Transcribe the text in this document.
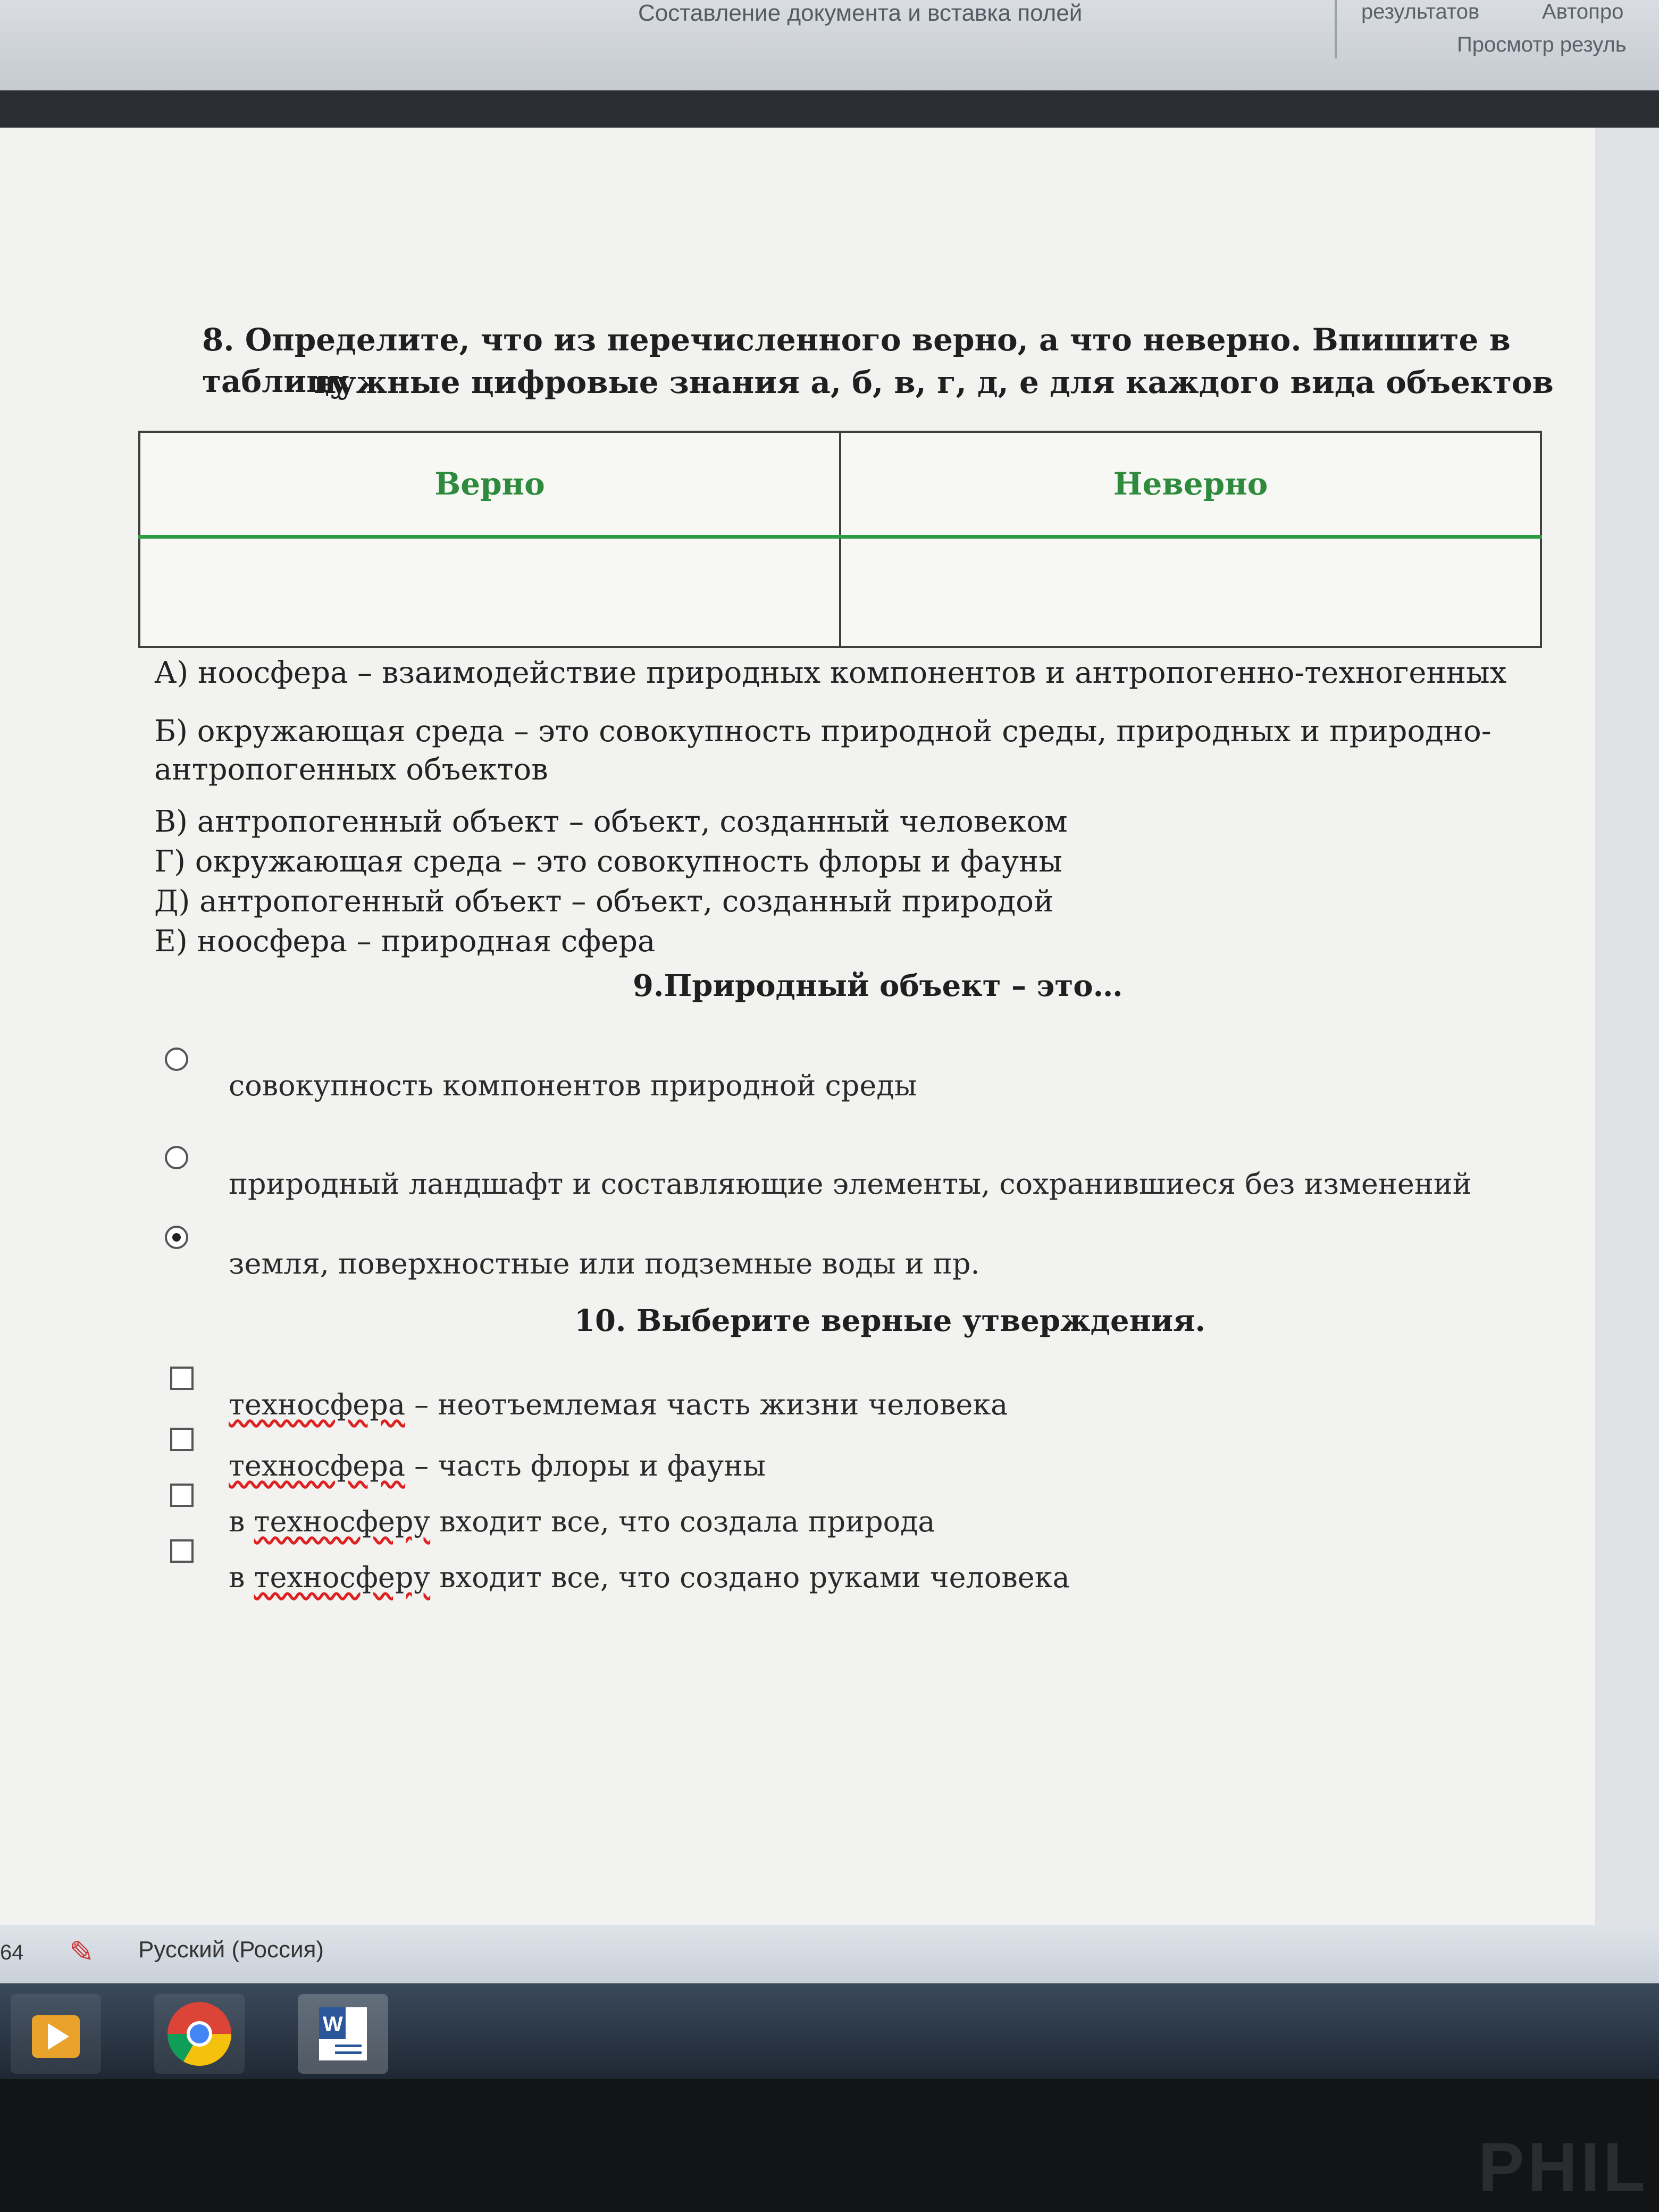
Составление документа и вставка полей	результатов	Автопро
Просмотр резуль
8. Определите, что из перечисленного верно, а что неверно. Впишите в таблицу
нужные цифровые знания а, б, в, г, д, е для каждого вида объектов
Верно	Неверно

А) ноосфера – взаимодействие природных компонентов и антропогенно-техногенных
Б) окружающая среда – это совокупность природной среды, природных и природно-
антропогенных объектов
В) антропогенный объект – объект, созданный человеком
Г) окружающая среда – это совокупность флоры и фауны
Д) антропогенный объект – объект, созданный природой
Е) ноосфера – природная сфера
9.Природный объект – это…
совокупность компонентов природной среды
природный ландшафт и составляющие элементы, сохранившиеся без изменений
земля, поверхностные или подземные воды и пр.
10. Выберите верные утверждения.
техносфера – неотъемлемая часть жизни человека
техносфера – часть флоры и фауны
в техносферу входит все, что создала природа
в техносферу входит все, что создано руками человека
64 ✎ Русский (Россия)
W
PHIL
